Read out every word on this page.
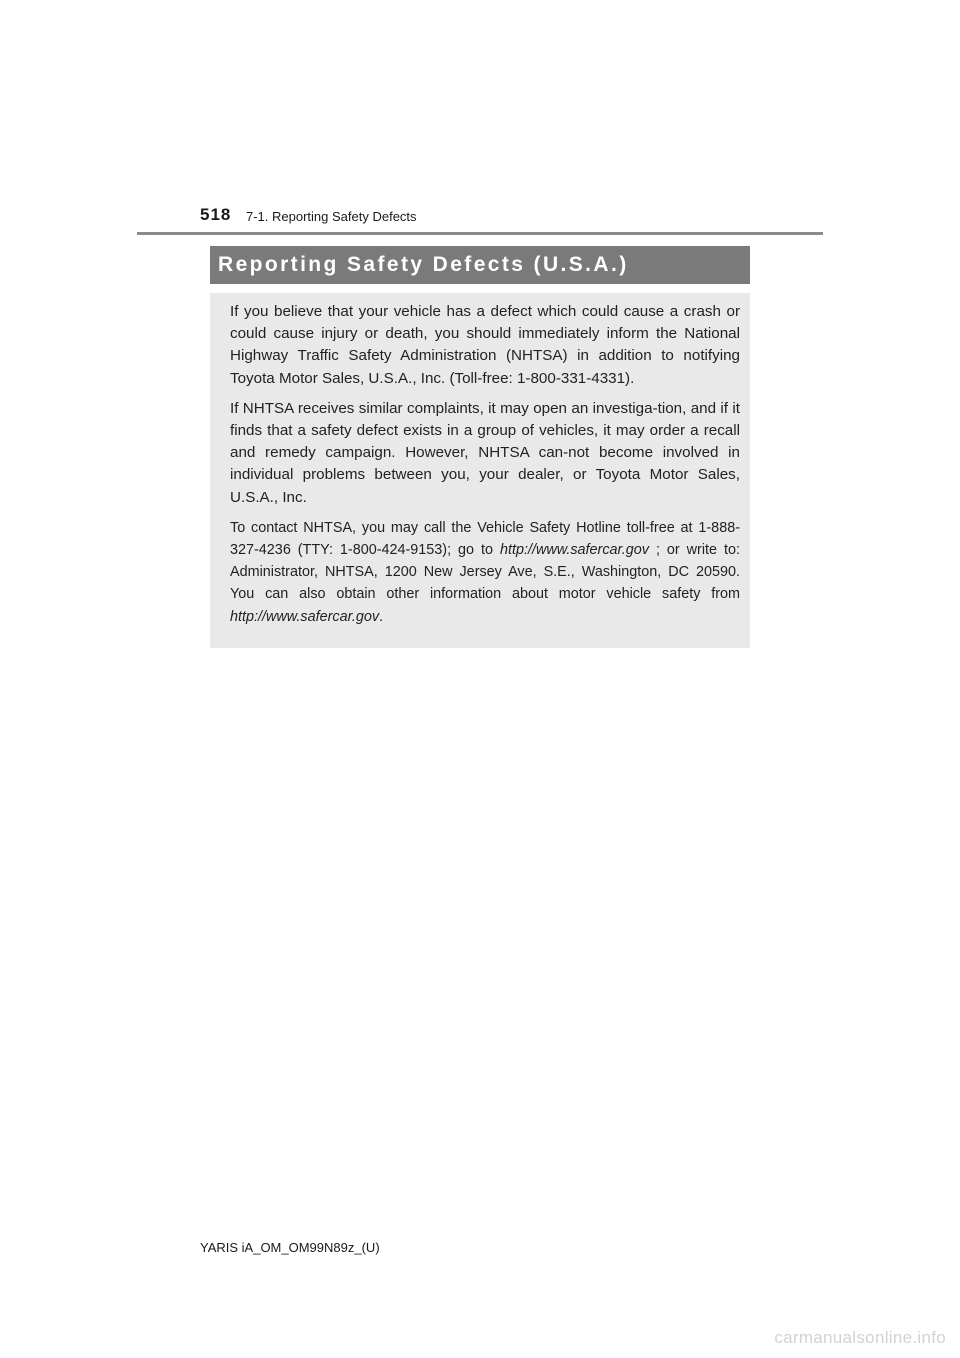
518 7-1. Reporting Safety Defects
Reporting Safety Defects (U.S.A.)

If you believe that your vehicle has a defect which could cause a crash or could cause injury or death, you should immediately inform the National Highway Traffic Safety Administration (NHTSA) in addition to notifying Toyota Motor Sales, U.S.A., Inc. (Toll-free: 1-800-331-4331).

If NHTSA receives similar complaints, it may open an investiga-tion, and if it finds that a safety defect exists in a group of vehicles, it may order a recall and remedy campaign. However, NHTSA can-not become involved in individual problems between you, your dealer, or Toyota Motor Sales, U.S.A., Inc.

To contact NHTSA, you may call the Vehicle Safety Hotline toll-free at 1-888-327-4236 (TTY: 1-800-424-9153); go to http://www.safercar.gov ; or write to: Administrator, NHTSA, 1200 New Jersey Ave, S.E., Washington, DC 20590. You can also obtain other information about motor vehicle safety from http://www.safercar.gov.

YARIS iA_OM_OM99N89z_(U)
carmanualsonline.info
